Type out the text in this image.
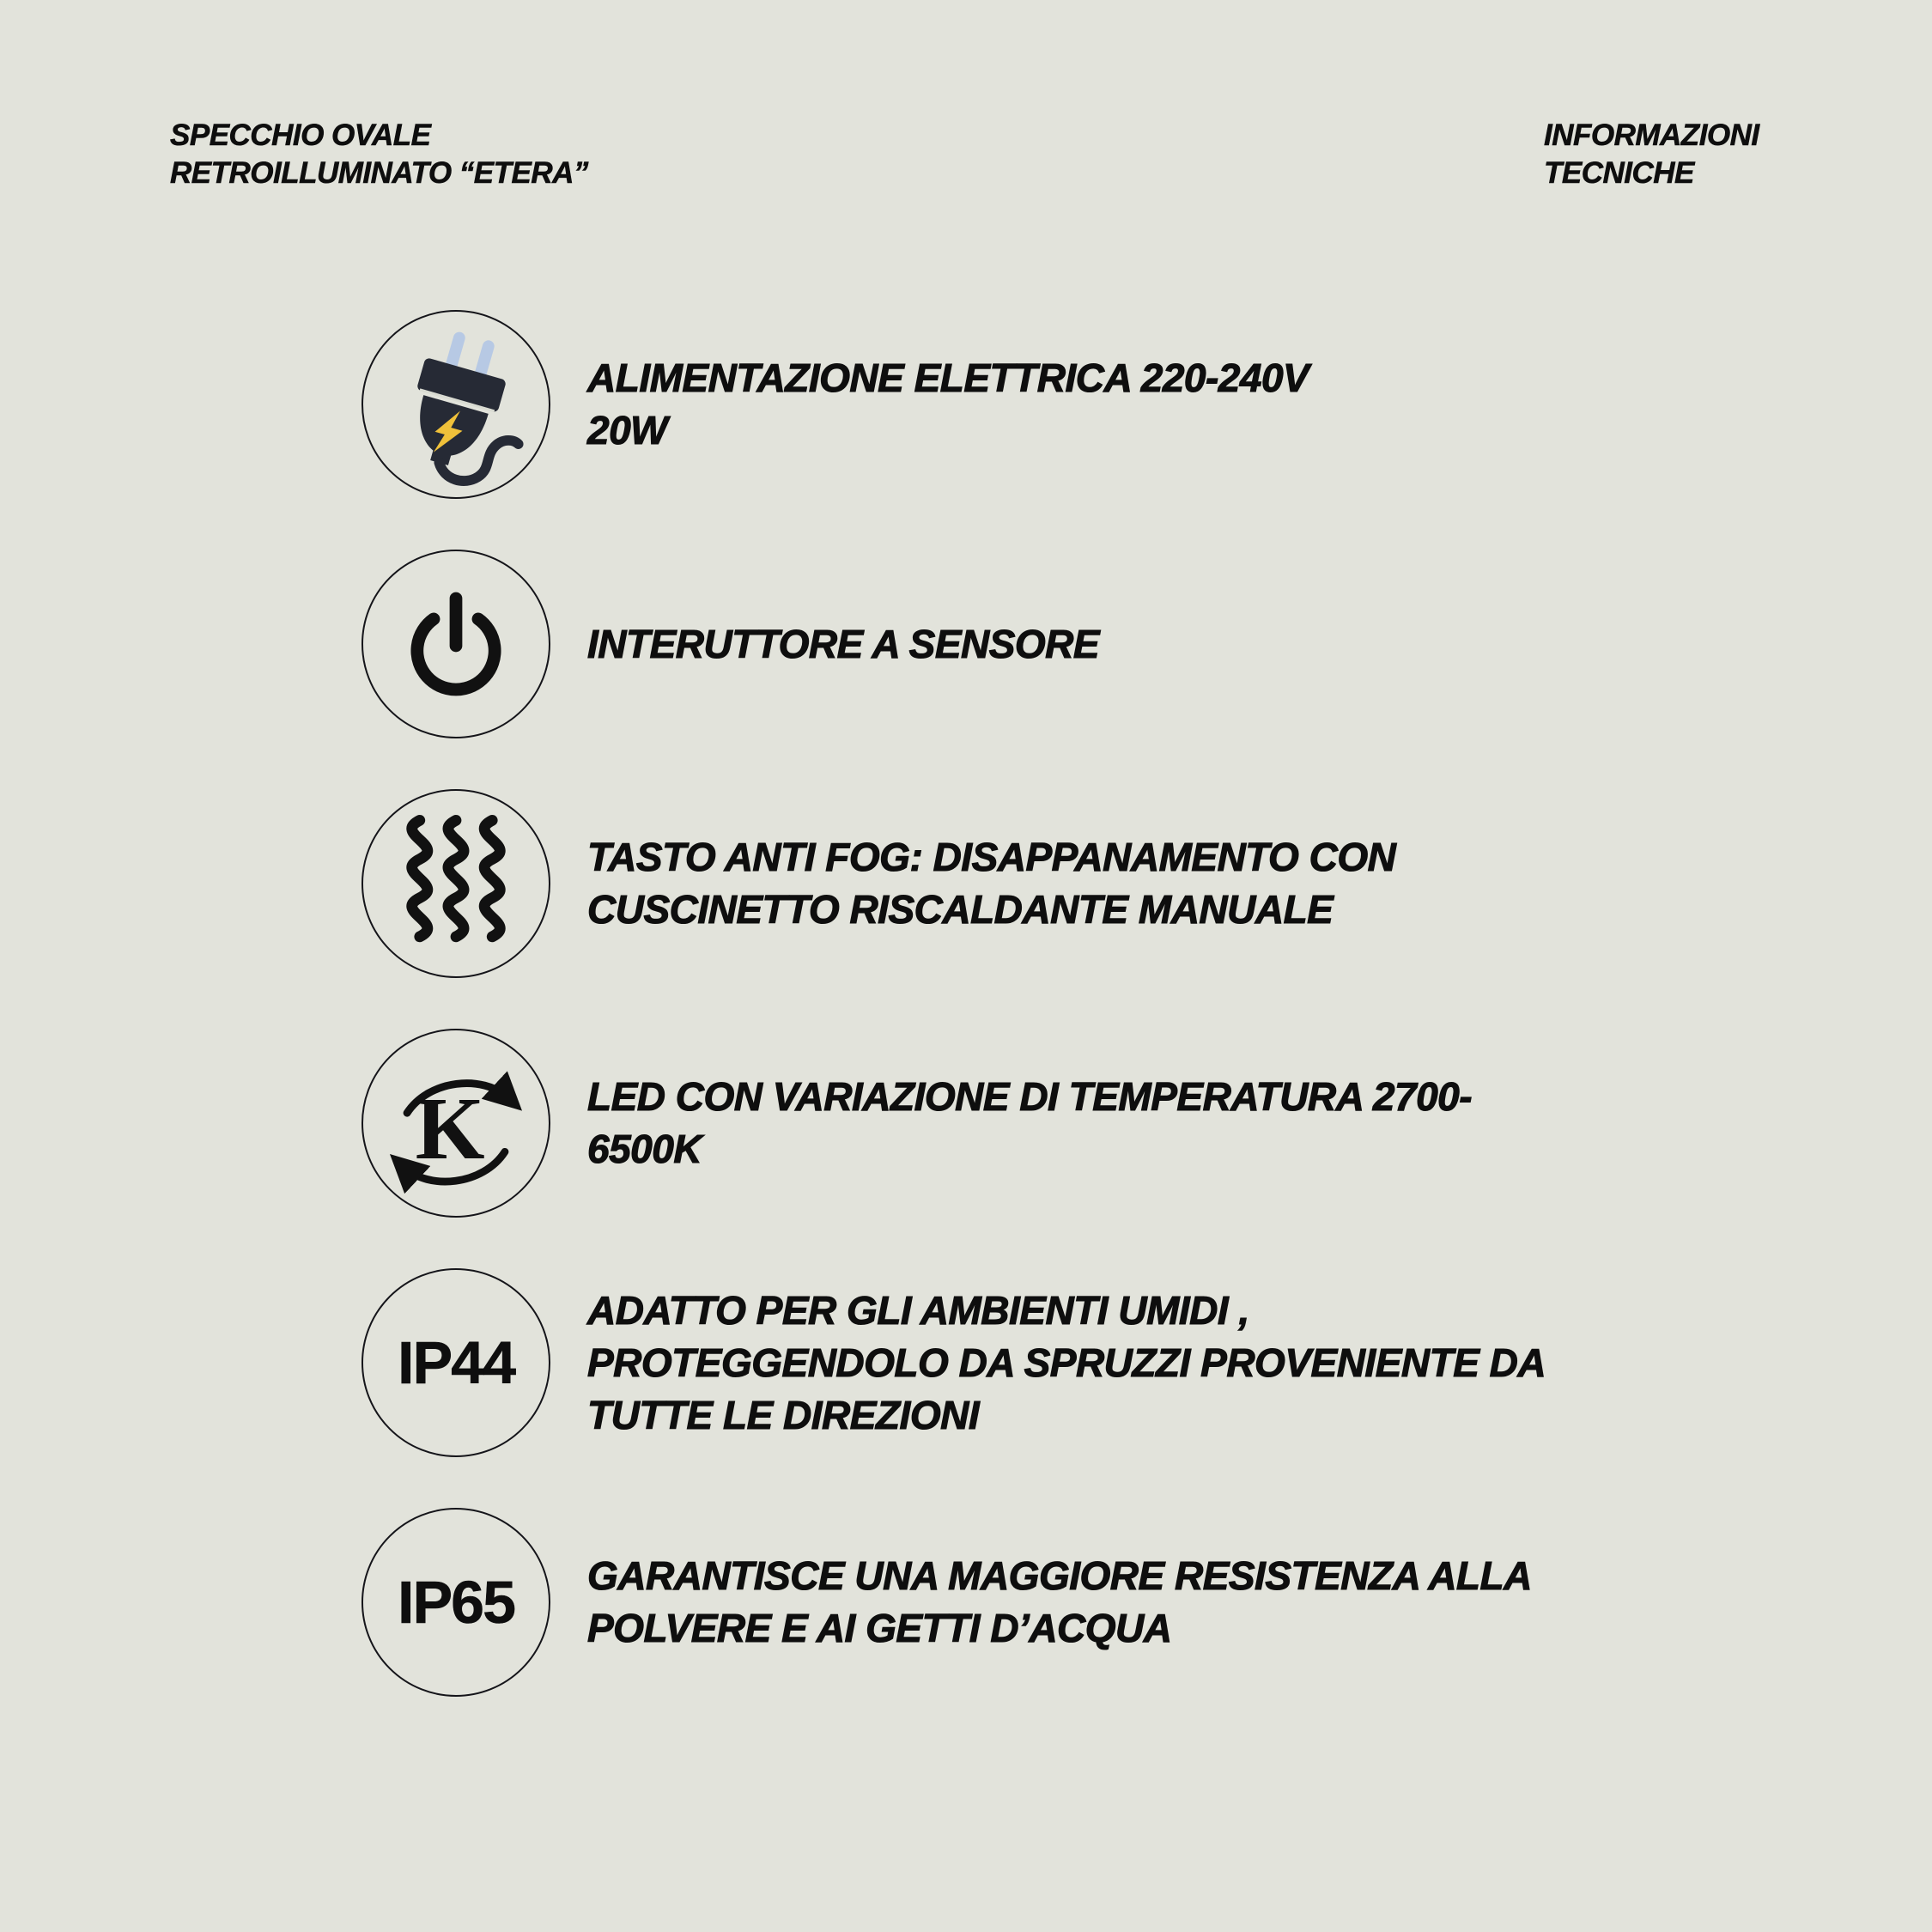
SPECCHIO OVALE
RETROILLUMINATO “ETERA”
INFORMAZIONI
TECNICHE
ALIMENTAZIONE ELETTRICA 220-240V
20W
INTERUTTORE A SENSORE
TASTO ANTI FOG: DISAPPANAMENTO CON
CUSCINETTO RISCALDANTE MANUALE
K	LED CON VARIAZIONE DI TEMPERATURA 2700-
6500K
IP44
ADATTO PER GLI AMBIENTI UMIDI ,
PROTEGGENDOLO DA SPRUZZI PROVENIENTE DA
TUTTE LE DIREZIONI
IP65 GARANTISCE UNA MAGGIORE RESISTENZA ALLA
POLVERE E AI GETTI D’ACQUA
